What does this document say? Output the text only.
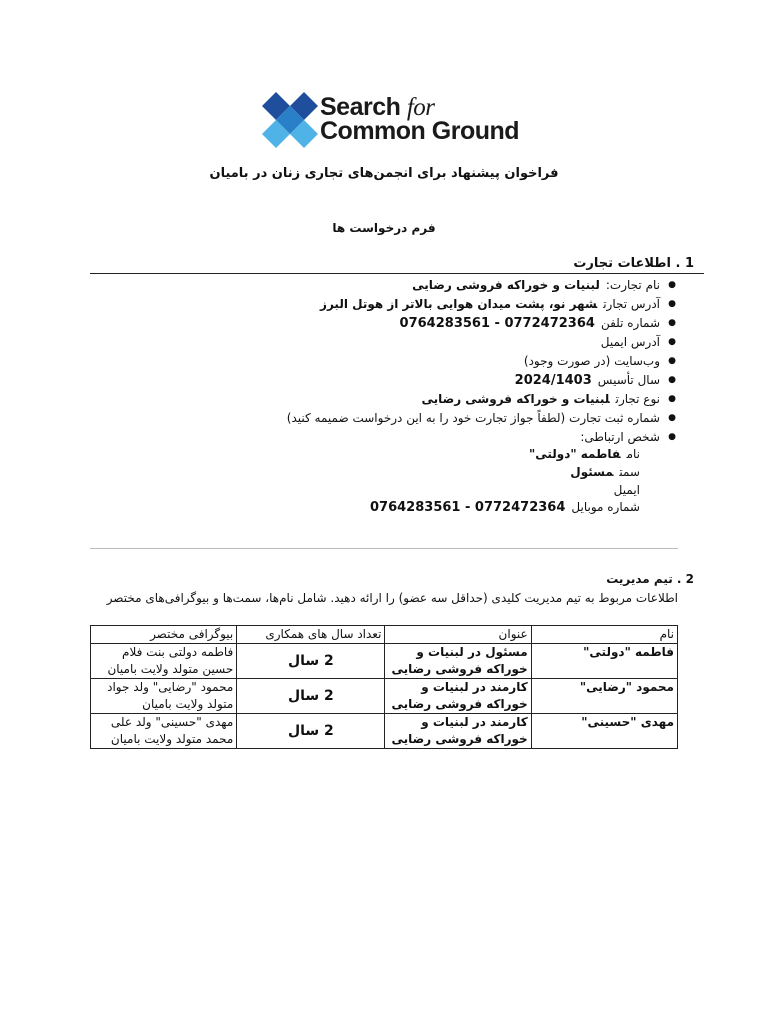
Search for
Common Ground
فراخوان پیشنهاد برای انجمن‌های تجاری زنان در بامیان
فرم درخواست ها
1 . اطلاعات تجارت
●
نام تجارت:لبنیات و خوراکه فروشی رضایی
●
آدرس تجارتشهر نو، پشت میدان هوایی بالاتر از هوتل البرز
●
شماره تلفن0772472364 - 0764283561
●
آدرس ایمیل
●
وب‌سایت (در صورت وجود)
●
سال تأسیس2024/1403
●
نوع تجارتلبنیات و خوراکه فروشی رضایی
●
شماره ثبت تجارت (لطفاً جواز تجارت خود را به این درخواست ضمیمه کنید)
●
شخص ارتباطی:
نامفاطمه "دولتی"
سمتمسئول
ایمیل
شماره موبایل0772472364 - 0764283561
2 . تیم مدیریت
اطلاعات مربوط به تیم مدیریت کلیدی (حداقل سه عضو) را ارائه دهید. شامل نام‌ها، سمت‌ها و بیوگرافی‌های مختصر
نام	عنوان	تعداد سال های همکاری	بیوگرافی مختصر
فاطمه "دولتی"	مسئول در لبنیات و خوراکه فروشی رضایی	2 سال	فاطمه دولتی بنت فلام حسین متولد ولایت بامیان
محمود "رضایی"	کارمند در لبنیات و خوراکه فروشی رضایی	2 سال	محمود "رضایی" ولد جواد متولد ولایت بامیان
مهدی "حسینی"	کارمند در لبنیات و خوراکه فروشی رضایی	2 سال	مهدی "حسینی" ولد علی محمد متولد ولایت بامیان
